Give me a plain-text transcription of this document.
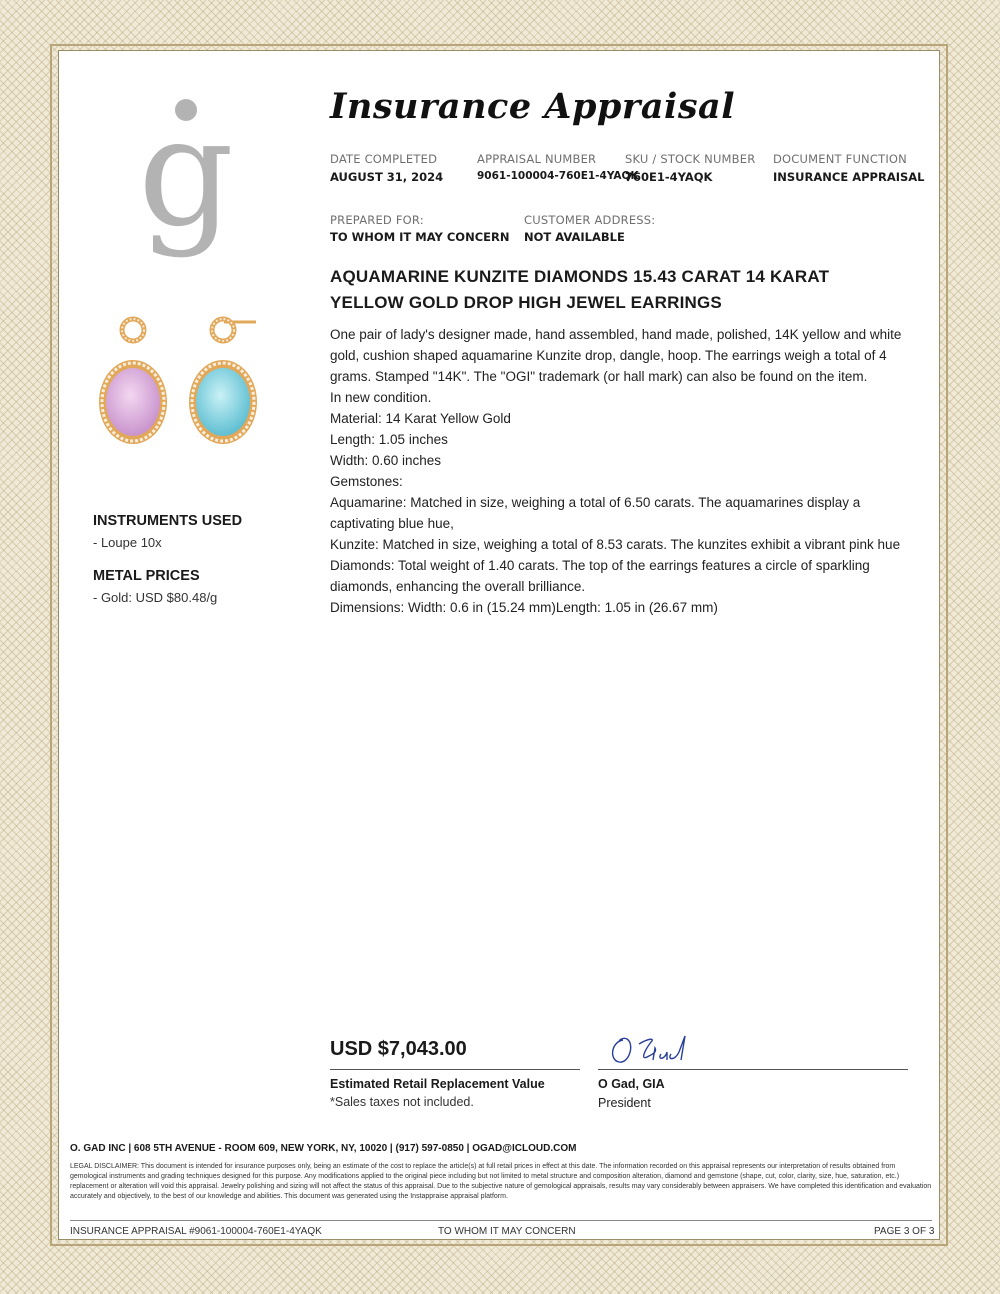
g	Insurance Appraisal
DATE COMPLETED
AUGUST 31, 2024
APPRAISAL NUMBER
9061-100004-760E1-4YAQK
SKU / STOCK NUMBER
760E1-4YAQK
DOCUMENT FUNCTION
INSURANCE APPRAISAL
PREPARED FOR:
TO WHOM IT MAY CONCERN
CUSTOMER ADDRESS:
NOT AVAILABLE
AQUAMARINE KUNZITE DIAMONDS 15.43 CARAT 14 KARAT
YELLOW GOLD DROP HIGH JEWEL EARRINGS
One pair of lady's designer made, hand assembled, hand made, polished, 14K yellow and white
gold, cushion shaped aquamarine Kunzite drop, dangle, hoop. The earrings weigh a total of 4
grams. Stamped "14K". The "OGI" trademark (or hall mark) can also be found on the item.
In new condition.
Material: 14 Karat Yellow Gold
Length: 1.05 inches
Width: 0.60 inches
Gemstones:
Aquamarine: Matched in size, weighing a total of 6.50 carats. The aquamarines display a
captivating blue hue,
Kunzite: Matched in size, weighing a total of 8.53 carats. The kunzites exhibit a vibrant pink hue
Diamonds: Total weight of 1.40 carats. The top of the earrings features a circle of sparkling
diamonds, enhancing the overall brilliance.
Dimensions: Width: 0.6 in (15.24 mm)Length: 1.05 in (26.67 mm)
INSTRUMENTS USED
- Loupe 10x
METAL PRICES
- Gold: USD $80.48/g
USD $7,043.00
Estimated Retail Replacement Value
*Sales taxes not included.
O Gad, GIA
President
O. GAD INC | 608 5TH AVENUE - ROOM 609, NEW YORK, NY, 10020 | (917) 597-0850 | OGAD@ICLOUD.COM
LEGAL DISCLAIMER: This document is intended for insurance purposes only, being an estimate of the cost to replace the article(s) at full retail prices in effect at this date. The information recorded on this appraisal represents our interpretation of results obtained from gemological instruments and grading techniques designed for this purpose. Any modifications applied to the original piece including but not limited to metal structure and composition alteration, diamond and gemstone (shape, cut, color, clarity, size, hue, saturation, etc.) replacement or alteration will void this appraisal. Jewelry polishing and sizing will not affect the status of this appraisal. Due to the subjective nature of gemological appraisals, results may vary considerably between appraisers. We have completed this identification and evaluation accurately and objectively, to the best of our knowledge and abilities. This document was generated using the Instappraise appraisal platform.
INSURANCE APPRAISAL #9061-100004-760E1-4YAQK	TO WHOM IT MAY CONCERN	PAGE 3 OF 3
